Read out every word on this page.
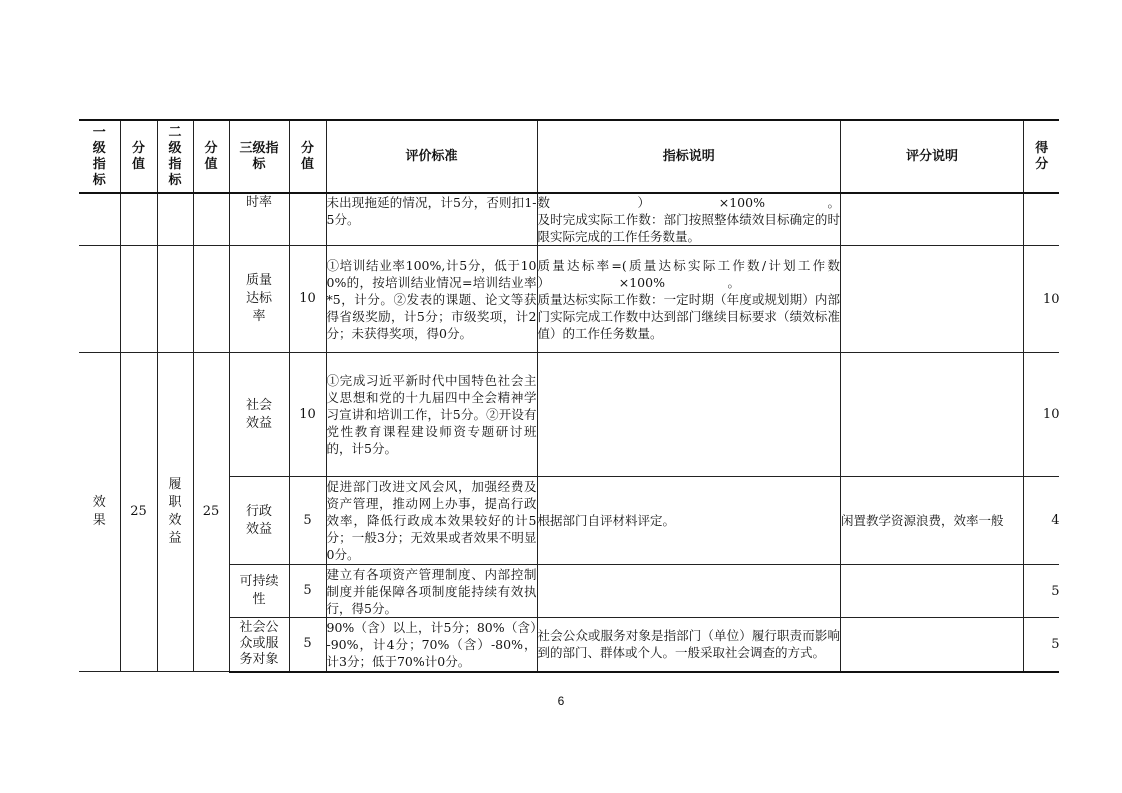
一级指标	分值	二级指标	分值	三级指标	分值	评价标准	指标说明	评分说明	得分

				时率		未出现拖延的情况，计5分，否则扣1-5分。	数　　　　　　　）　　　　　　×100%　　　　　。
及时完成实际工作数：部门按照整体绩效目标确定的时限实际完成的工作任务数量。		

				质量达标率	10	①培训结业率100%,计5分，低于100%的，按培训结业情况=培训结业率*5，计分。②发表的课题、论文等获得省级奖励，计5分；市级奖项，计2分；未获得奖项，得0分。	质量达标率=(质量达标实际工作数/计划工作数　　　　　　）　　　　　　×100%　　　　　。
质量达标实际工作数：一定时期（年度或规划期）内部门实际完成工作数中达到部门继续目标要求（绩效标准值）的工作任务数量。		10

效果	25	履职效益	25	社会效益	10	①完成习近平新时代中国特色社会主义思想和党的十九届四中全会精神学习宣讲和培训工作，计5分。②开设有党性教育课程建设师资专题研讨班的，计5分。			10

				行政效益	5	促进部门改进文风会风，加强经费及资产管理，推动网上办事，提高行政效率，降低行政成本效果较好的计5分；一般3分；无效果或者效果不明显0分。	根据部门自评材料评定。	闲置教学资源浪费，效率一般	4

				可持续性	5	建立有各项资产管理制度、内部控制制度并能保障各项制度能持续有效执行，得5分。			5

				社会公众或服务对象	5	90%（含）以上，计5分；80%（含）-90%，计4分；70%（含）-80%，计3分；低于70%计0分。	社会公众或服务对象是指部门（单位）履行职责而影响到的部门、群体或个人。一般采取社会调查的方式。		5
6
